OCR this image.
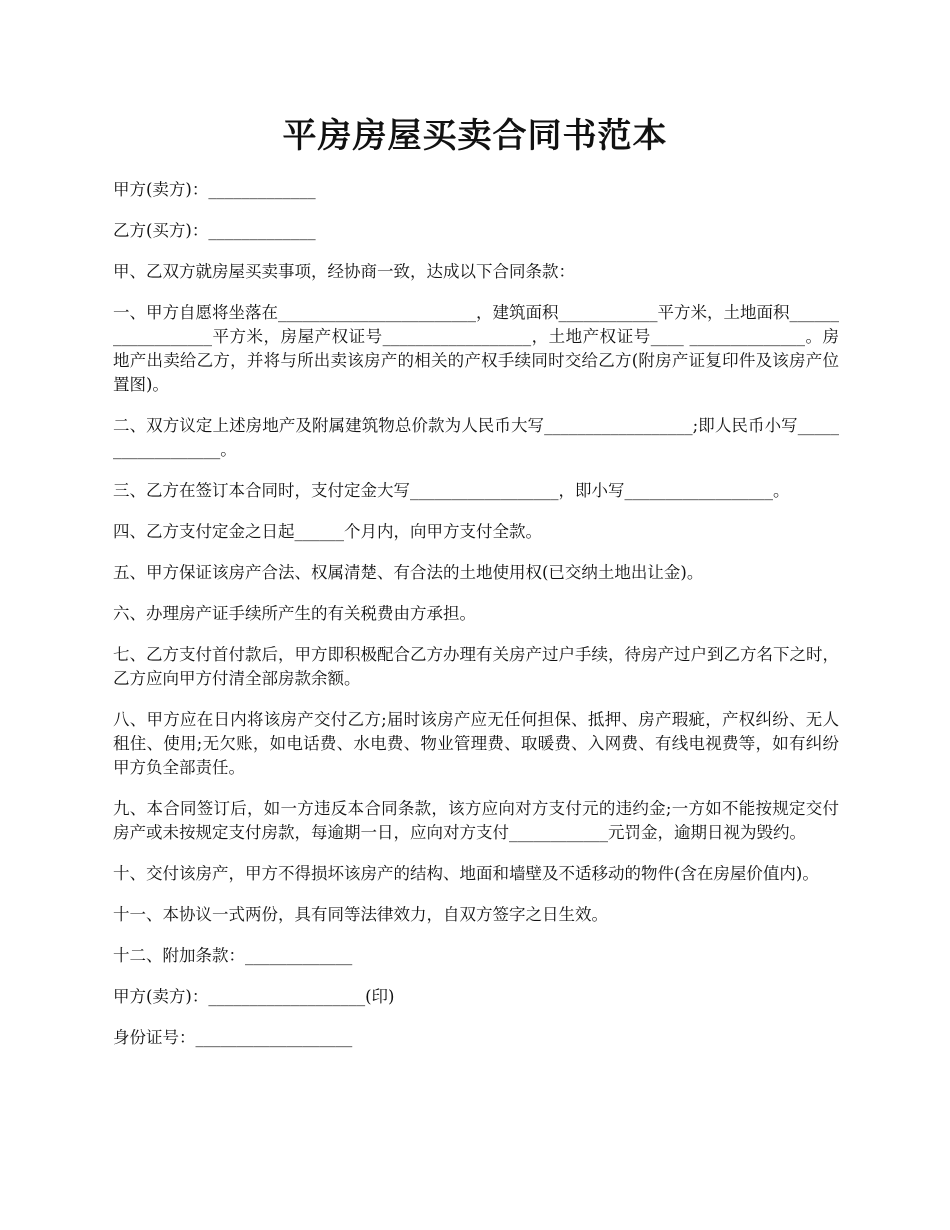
平房房屋买卖合同书范本

甲方(卖方)：_____________

乙方(买方)：_____________

甲、乙双方就房屋买卖事项，经协商一致，达成以下合同条款：

一、甲方自愿将坐落在________________________，建筑面积____________平方米，土地面积__________________平方米，房屋产权证号__________________，土地产权证号____ ______________。房地产出卖给乙方，并将与所出卖该房产的相关的产权手续同时交给乙方(附房产证复印件及该房产位置图)。

二、双方议定上述房地产及附属建筑物总价款为人民币大写__________________;即人民币小写__________________。

三、乙方在签订本合同时，支付定金大写__________________，即小写__________________。

四、乙方支付定金之日起______个月内，向甲方支付全款。

五、甲方保证该房产合法、权属清楚、有合法的土地使用权(已交纳土地出让金)。

六、办理房产证手续所产生的有关税费由方承担。

七、乙方支付首付款后，甲方即积极配合乙方办理有关房产过户手续，待房产过户到乙方名下之时，乙方应向甲方付清全部房款余额。

八、甲方应在日内将该房产交付乙方;届时该房产应无任何担保、抵押、房产瑕疵，产权纠纷、无人租住、使用;无欠账，如电话费、水电费、物业管理费、取暖费、入网费、有线电视费等，如有纠纷甲方负全部责任。

九、本合同签订后，如一方违反本合同条款，该方应向对方支付元的违约金;一方如不能按规定交付房产或未按规定支付房款，每逾期一日，应向对方支付____________元罚金，逾期日视为毁约。

十、交付该房产，甲方不得损坏该房产的结构、地面和墙壁及不适移动的物件(含在房屋价值内)。

十一、本协议一式两份，具有同等法律效力，自双方签字之日生效。

十二、附加条款：_____________

甲方(卖方)：___________________(印)

身份证号：___________________
